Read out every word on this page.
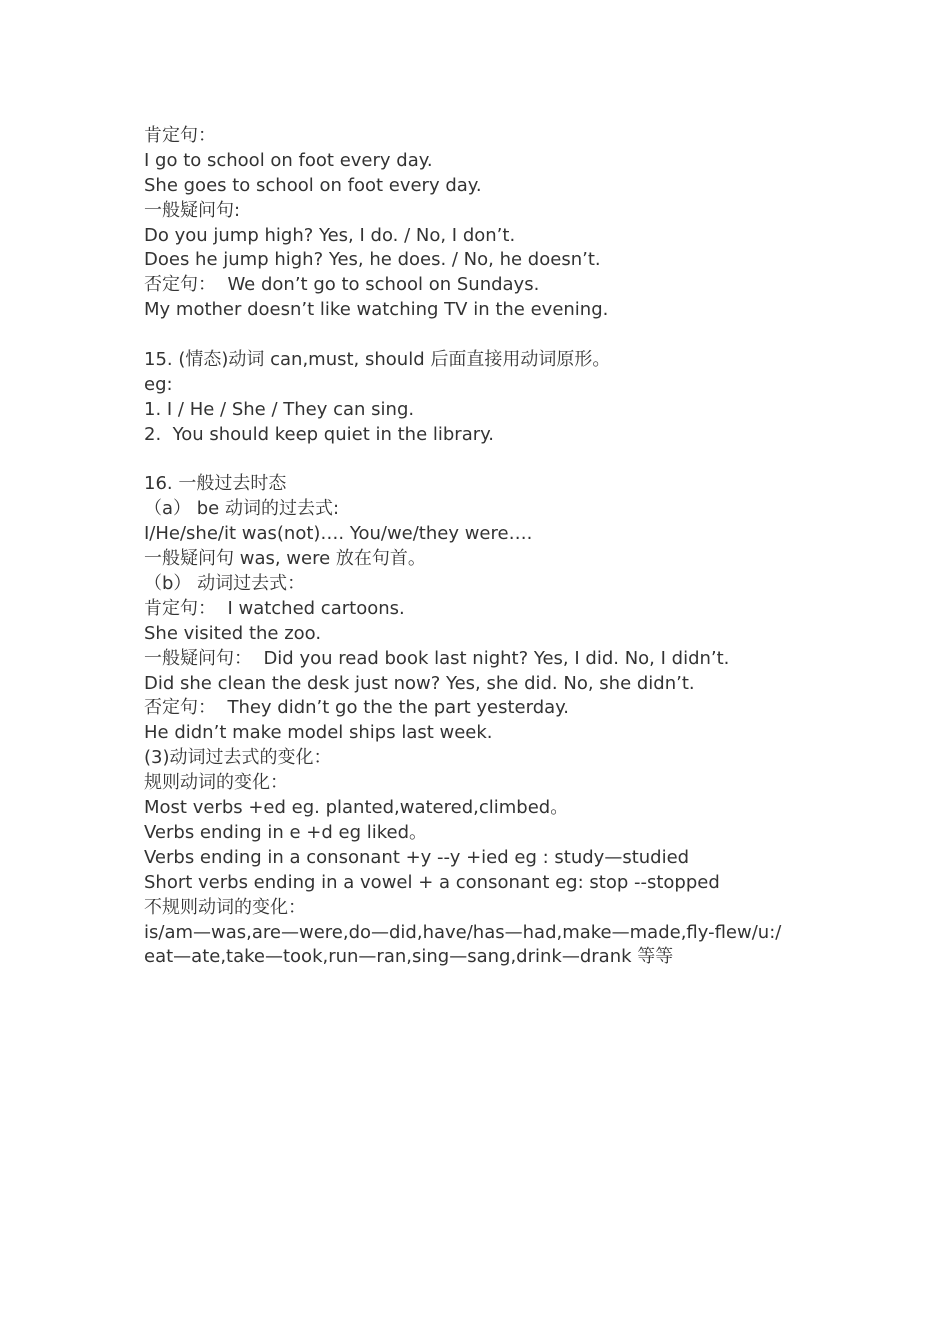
肯定句：
I go to school on foot every day.
She goes to school on foot every day.
一般疑问句:
Do you jump high? Yes, I do. / No, I don’t.
Does he jump high? Yes, he does. / No, he doesn’t.
否定句：  We don’t go to school on Sundays.
My mother doesn’t like watching TV in the evening.
15. (情态)动词 can,must, should 后面直接用动词原形。
eg:
1. I / He / She / They can sing.
2.  You should keep quiet in the library.
16. 一般过去时态
（a） be 动词的过去式:
I/He/she/it was(not)…. You/we/they were….
一般疑问句 was, were 放在句首。
（b） 动词过去式：
肯定句：  I watched cartoons.
She visited the zoo.
一般疑问句：  Did you read book last night? Yes, I did. No, I didn’t.
Did she clean the desk just now? Yes, she did. No, she didn’t.
否定句：  They didn’t go the the part yesterday.
He didn’t make model ships last week.
(3)动词过去式的变化：
规则动词的变化：
Most verbs +ed eg. planted,watered,climbed。
Verbs ending in e +d eg liked。
Verbs ending in a consonant +y --y +ied eg : study—studied
Short verbs ending in a vowel + a consonant eg: stop --stopped
不规则动词的变化：
is/am—was,are—were,do—did,have/has—had,make—made,fly-flew/u:/
eat—ate,take—took,run—ran,sing—sang,drink—drank 等等
